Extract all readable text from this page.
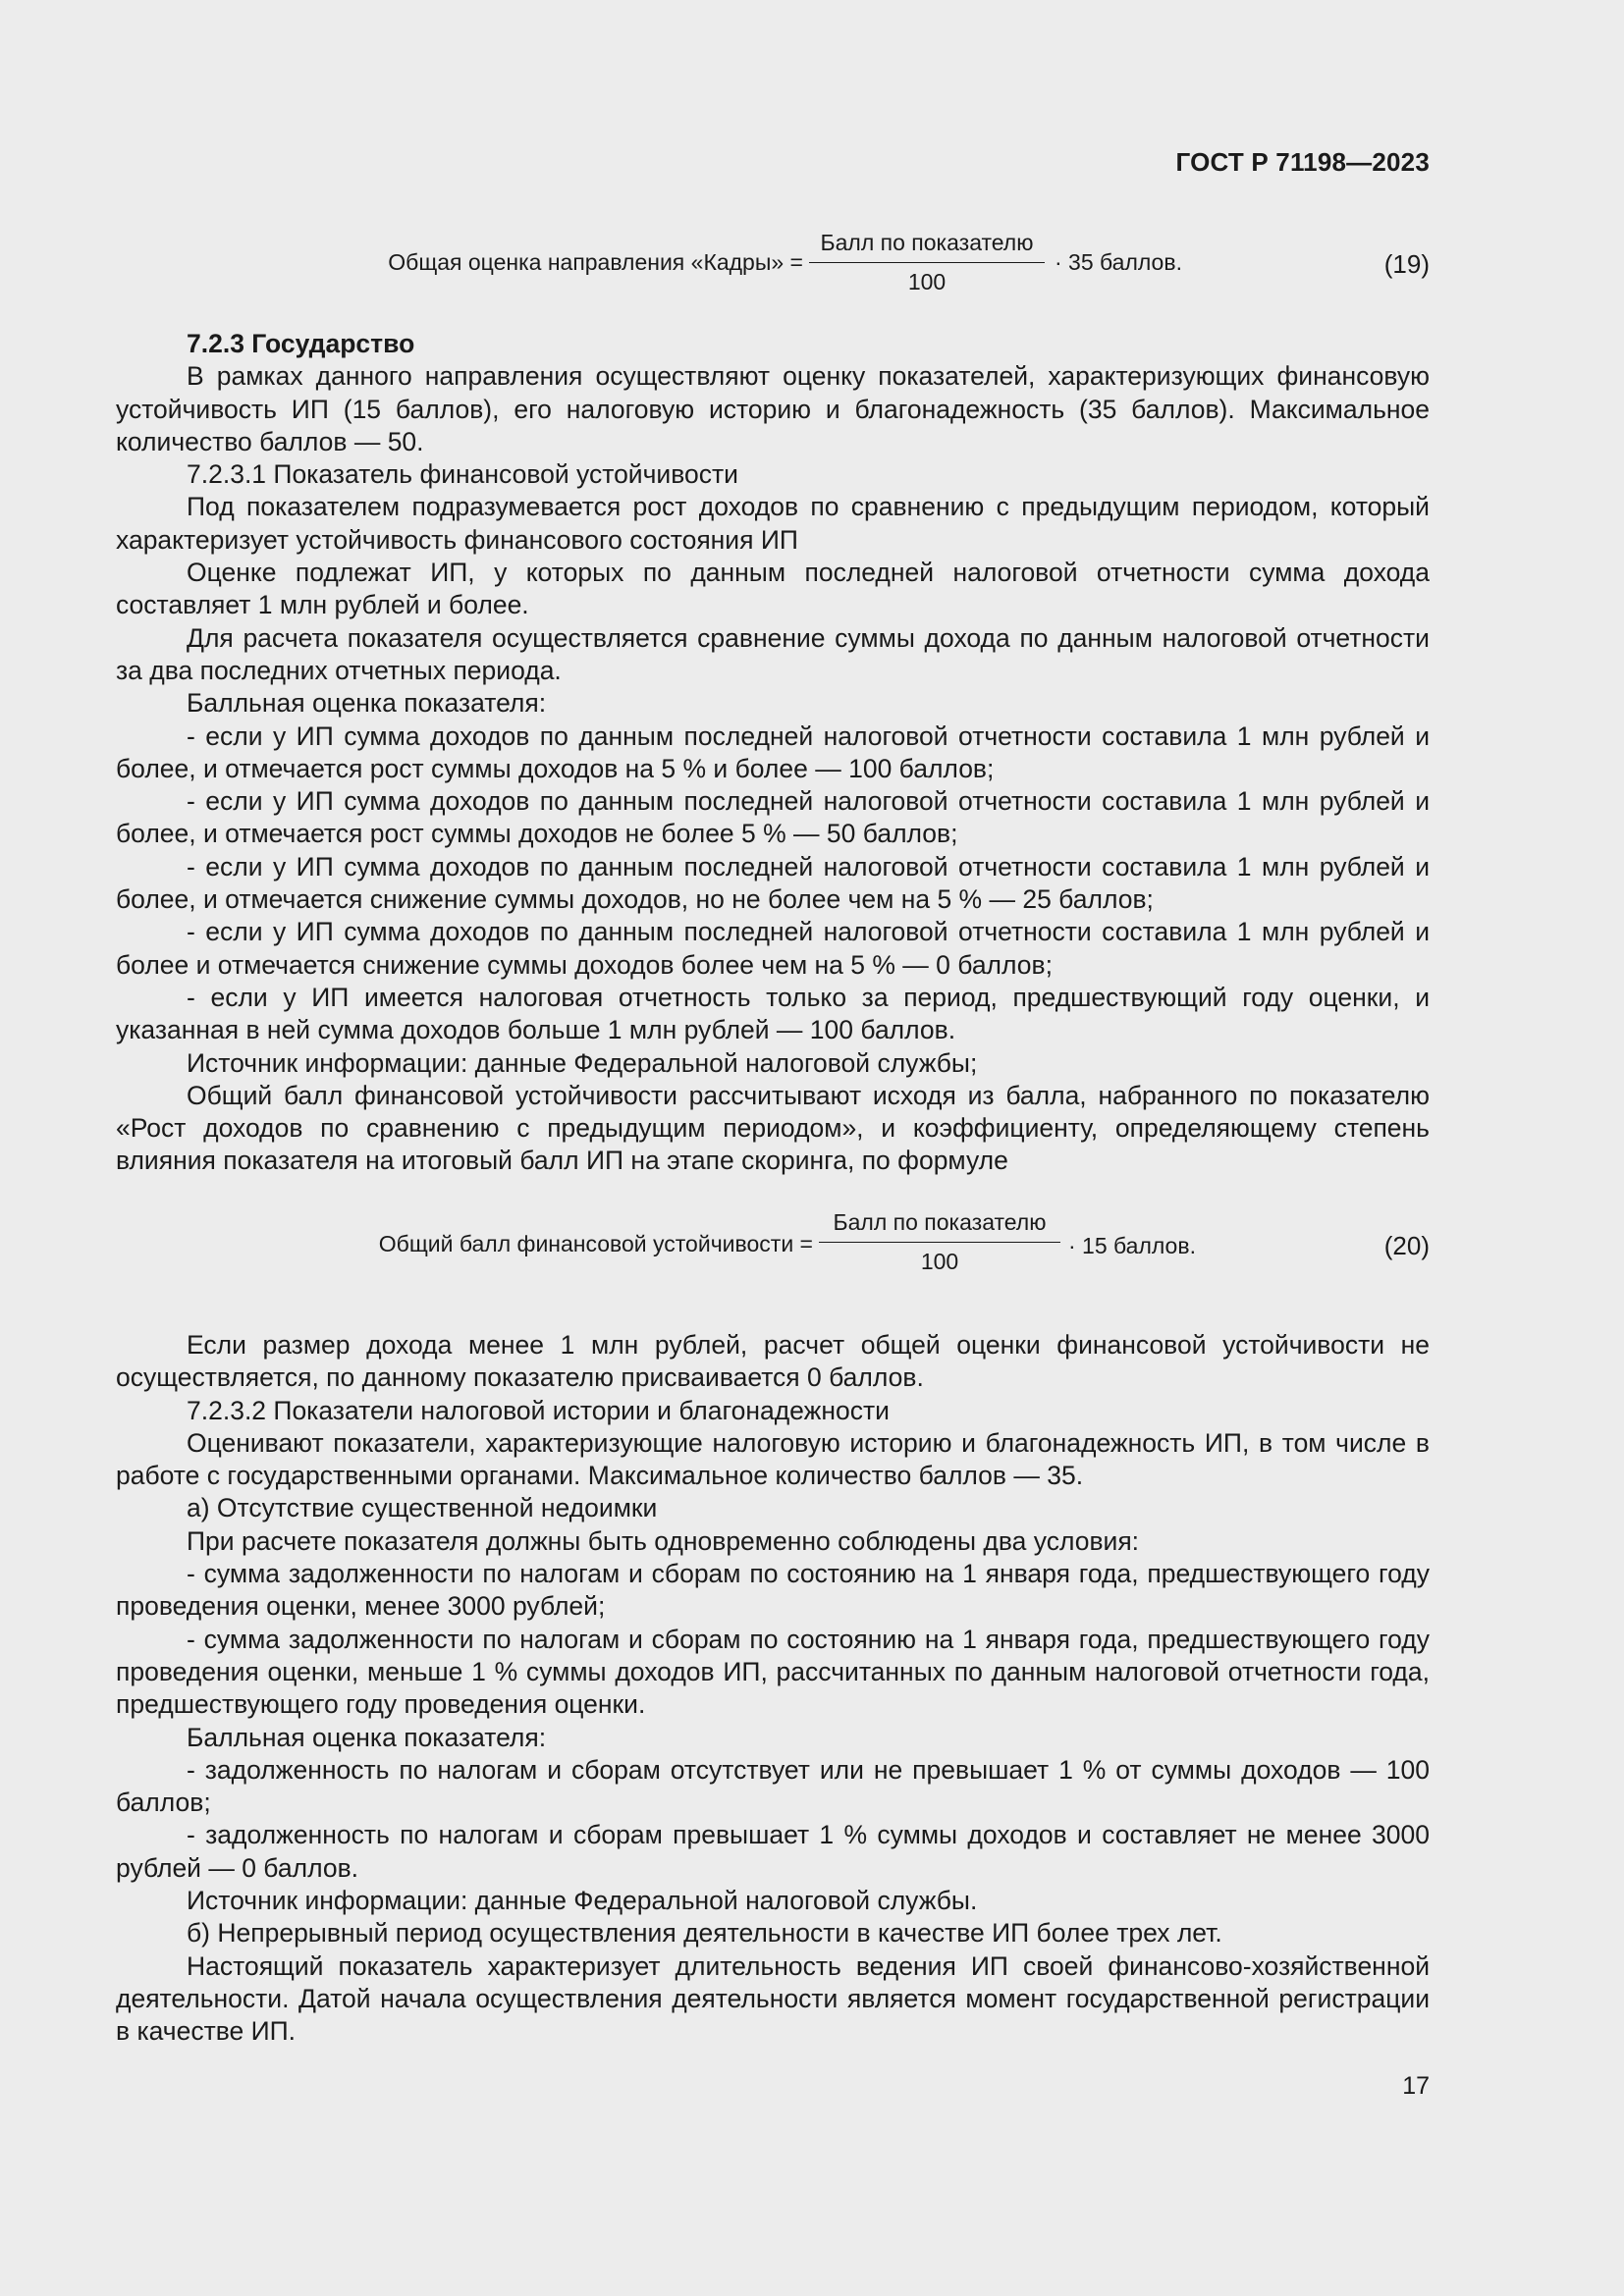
ГОСТ Р 71198—2023
Общая оценка направления «Кадры» =
Балл по показателю
100
· 35 баллов.	(19)

7.2.3 Государство

В рамках данного направления осуществляют оценку показателей, характеризующих финансовую устойчивость ИП (15 баллов), его налоговую историю и благонадежность (35 баллов). Максимальное количество баллов — 50.

7.2.3.1 Показатель финансовой устойчивости

Под показателем подразумевается рост доходов по сравнению с предыдущим периодом, который характеризует устойчивость финансового состояния ИП

Оценке подлежат ИП, у которых по данным последней налоговой отчетности сумма дохода составляет 1 млн рублей и более.

Для расчета показателя осуществляется сравнение суммы дохода по данным налоговой отчетности за два последних отчетных периода.

Балльная оценка показателя:

- если у ИП сумма доходов по данным последней налоговой отчетности составила 1 млн рублей и более, и отмечается рост суммы доходов на 5 % и более — 100 баллов;

- если у ИП сумма доходов по данным последней налоговой отчетности составила 1 млн рублей и более, и отмечается рост суммы доходов не более 5 % — 50 баллов;

- если у ИП сумма доходов по данным последней налоговой отчетности составила 1 млн рублей и более, и отмечается снижение суммы доходов, но не более чем на 5 % — 25 баллов;

- если у ИП сумма доходов по данным последней налоговой отчетности составила 1 млн рублей и более и отмечается снижение суммы доходов более чем на 5 % — 0 баллов;

- если у ИП имеется налоговая отчетность только за период, предшествующий году оценки, и указанная в ней сумма доходов больше 1 млн рублей — 100 баллов.

Источник информации: данные Федеральной налоговой службы;

Общий балл финансовой устойчивости рассчитывают исходя из балла, набранного по показателю «Рост доходов по сравнению с предыдущим периодом», и коэффициенту, определяющему степень влияния показателя на итоговый балл ИП на этапе скоринга, по формуле

Общий балл финансовой устойчивости =
Балл по показателю
100
· 15 баллов.	(20)

Если размер дохода менее 1 млн рублей, расчет общей оценки финансовой устойчивости не осуществляется, по данному показателю присваивается 0 баллов.

7.2.3.2 Показатели налоговой истории и благонадежности

Оценивают показатели, характеризующие налоговую историю и благонадежность ИП, в том числе в работе с государственными органами. Максимальное количество баллов — 35.

а) Отсутствие существенной недоимки

При расчете показателя должны быть одновременно соблюдены два условия:

- сумма задолженности по налогам и сборам по состоянию на 1 января года, предшествующего году проведения оценки, менее 3000 рублей;

- сумма задолженности по налогам и сборам по состоянию на 1 января года, предшествующего году проведения оценки, меньше 1 % суммы доходов ИП, рассчитанных по данным налоговой отчетности года, предшествующего году проведения оценки.

Балльная оценка показателя:

- задолженность по налогам и сборам отсутствует или не превышает 1 % от суммы доходов — 100 баллов;

- задолженность по налогам и сборам превышает 1 % суммы доходов и составляет не менее 3000 рублей — 0 баллов.

Источник информации: данные Федеральной налоговой службы.

б) Непрерывный период осуществления деятельности в качестве ИП более трех лет.

Настоящий показатель характеризует длительность ведения ИП своей финансово-хозяйственной деятельности. Датой начала осуществления деятельности является момент государственной регистрации в качестве ИП.

17
